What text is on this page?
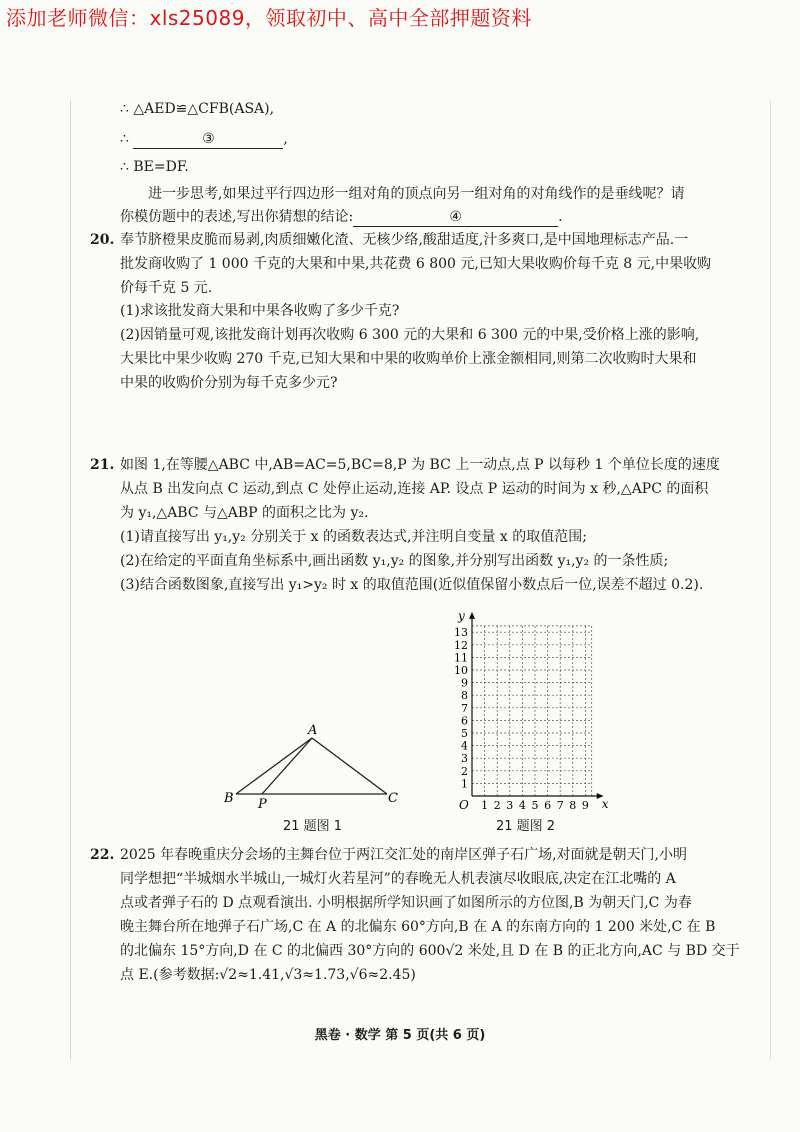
添加老师微信：xls25089，领取初中、高中全部押题资料
∴ △AED≌△CFB(ASA),
∴	③	,
∴ BE=DF.
进一步思考,如果过平行四边形一组对角的顶点向另一组对角的对角线作的是垂线呢？请
你模仿题中的表述,写出你猜想的结论:	④	.
20. 奉节脐橙果皮脆而易剥,肉质细嫩化渣、无核少络,酸甜适度,汁多爽口,是中国地理标志产品.一
批发商收购了 1 000 千克的大果和中果,共花费 6 800 元,已知大果收购价每千克 8 元,中果收购
价每千克 5 元.
(1)求该批发商大果和中果各收购了多少千克?
(2)因销量可观,该批发商计划再次收购 6 300 元的大果和 6 300 元的中果,受价格上涨的影响,
大果比中果少收购 270 千克,已知大果和中果的收购单价上涨金额相同,则第二次收购时大果和
中果的收购价分别为每千克多少元?
21. 如图 1,在等腰△ABC 中,AB=AC=5,BC=8,P 为 BC 上一动点,点 P 以每秒 1 个单位长度的速度
从点 B 出发向点 C 运动,到点 C 处停止运动,连接 AP. 设点 P 运动的时间为 x 秒,△APC 的面积
为 y₁,△ABC 与△ABP 的面积之比为 y₂.
(1)请直接写出 y₁,y₂ 分别关于 x 的函数表达式,并注明自变量 x 的取值范围;
(2)在给定的平面直角坐标系中,画出函数 y₁,y₂ 的图象,并分别写出函数 y₁,y₂ 的一条性质;
(3)结合函数图象,直接写出 y₁>y₂ 时 x 的取值范围(近似值保留小数点后一位,误差不超过 0.2).
A
B P	C
21 题图 1
1 2 3 4 5 6 7 8 9
1
2
3
4
5
6
7
8
9
10
11
12
13
O	x
y
21 题图 2
22. 2025 年春晚重庆分会场的主舞台位于两江交汇处的南岸区弹子石广场,对面就是朝天门,小明
同学想把“半城烟水半城山,一城灯火若星河”的春晚无人机表演尽收眼底,决定在江北嘴的 A
点或者弹子石的 D 点观看演出. 小明根据所学知识画了如图所示的方位图,B 为朝天门,C 为春
晚主舞台所在地弹子石广场,C 在 A 的北偏东 60°方向,B 在 A 的东南方向的 1 200 米处,C 在 B
的北偏东 15°方向,D 在 C 的北偏西 30°方向的 600√2 米处,且 D 在 B 的正北方向,AC 与 BD 交于
点 E.(参考数据:√2≈1.41,√3≈1.73,√6≈2.45)
黑卷 · 数学 第 5 页(共 6 页)
